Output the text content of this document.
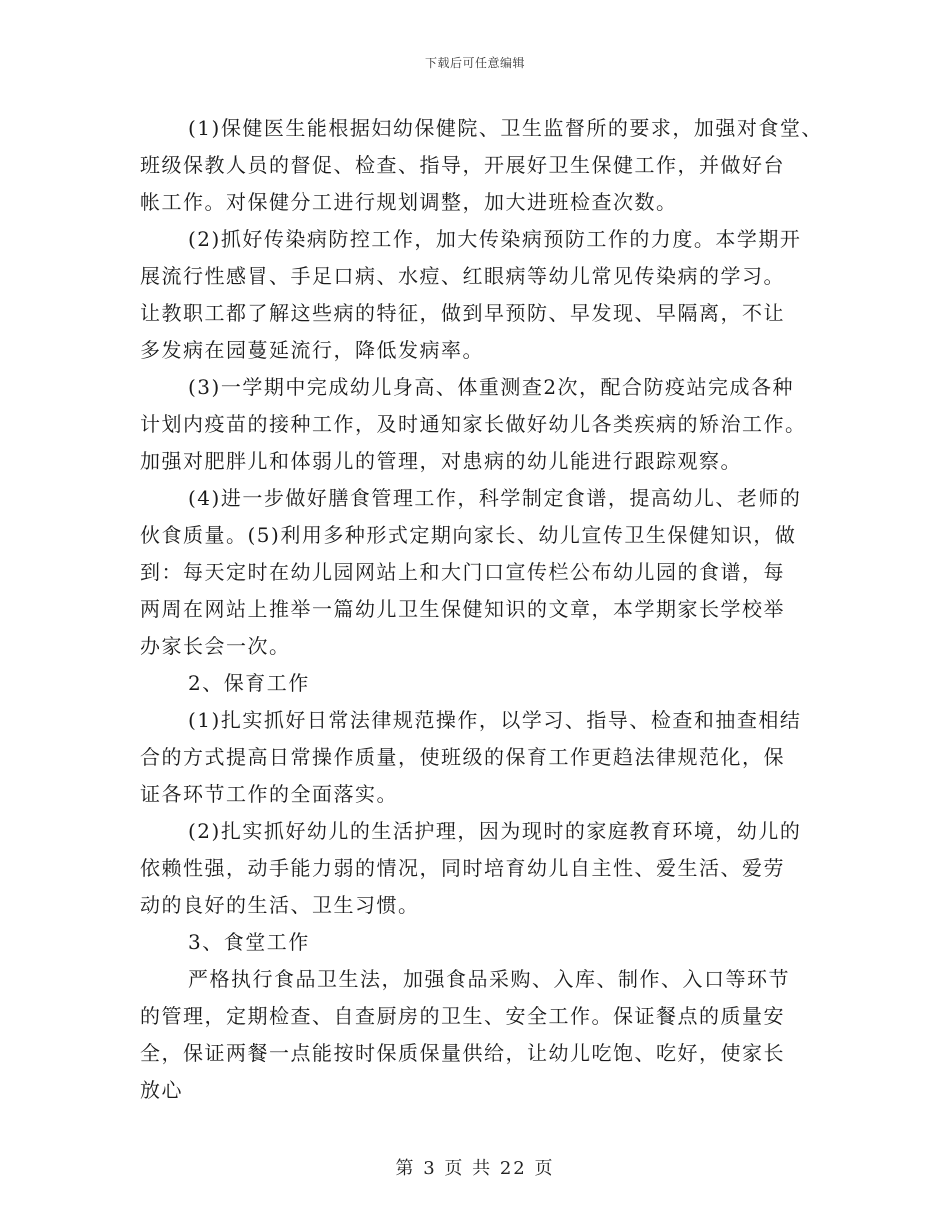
下载后可任意编辑
(1)保健医生能根据妇幼保健院、卫生监督所的要求，加强对食堂、
班级保教人员的督促、检查、指导，开展好卫生保健工作，并做好台
帐工作。对保健分工进行规划调整，加大进班检查次数。
(2)抓好传染病防控工作，加大传染病预防工作的力度。本学期开
展流行性感冒、手足口病、水痘、红眼病等幼儿常见传染病的学习。
让教职工都了解这些病的特征，做到早预防、早发现、早隔离，不让
多发病在园蔓延流行，降低发病率。
(3)一学期中完成幼儿身高、体重测查2次，配合防疫站完成各种
计划内疫苗的接种工作，及时通知家长做好幼儿各类疾病的矫治工作。
加强对肥胖儿和体弱儿的管理，对患病的幼儿能进行跟踪观察。
(4)进一步做好膳食管理工作，科学制定食谱，提高幼儿、老师的
伙食质量。(5)利用多种形式定期向家长、幼儿宣传卫生保健知识，做
到：每天定时在幼儿园网站上和大门口宣传栏公布幼儿园的食谱，每
两周在网站上推举一篇幼儿卫生保健知识的文章，本学期家长学校举
办家长会一次。
2、保育工作
(1)扎实抓好日常法律规范操作，以学习、指导、检查和抽查相结
合的方式提高日常操作质量，使班级的保育工作更趋法律规范化，保
证各环节工作的全面落实。
(2)扎实抓好幼儿的生活护理，因为现时的家庭教育环境，幼儿的
依赖性强，动手能力弱的情况，同时培育幼儿自主性、爱生活、爱劳
动的良好的生活、卫生习惯。
3、食堂工作
严格执行食品卫生法，加强食品采购、入库、制作、入口等环节
的管理，定期检查、自查厨房的卫生、安全工作。保证餐点的质量安
全，保证两餐一点能按时保质保量供给，让幼儿吃饱、吃好，使家长
放心
第 3 页 共 22 页
